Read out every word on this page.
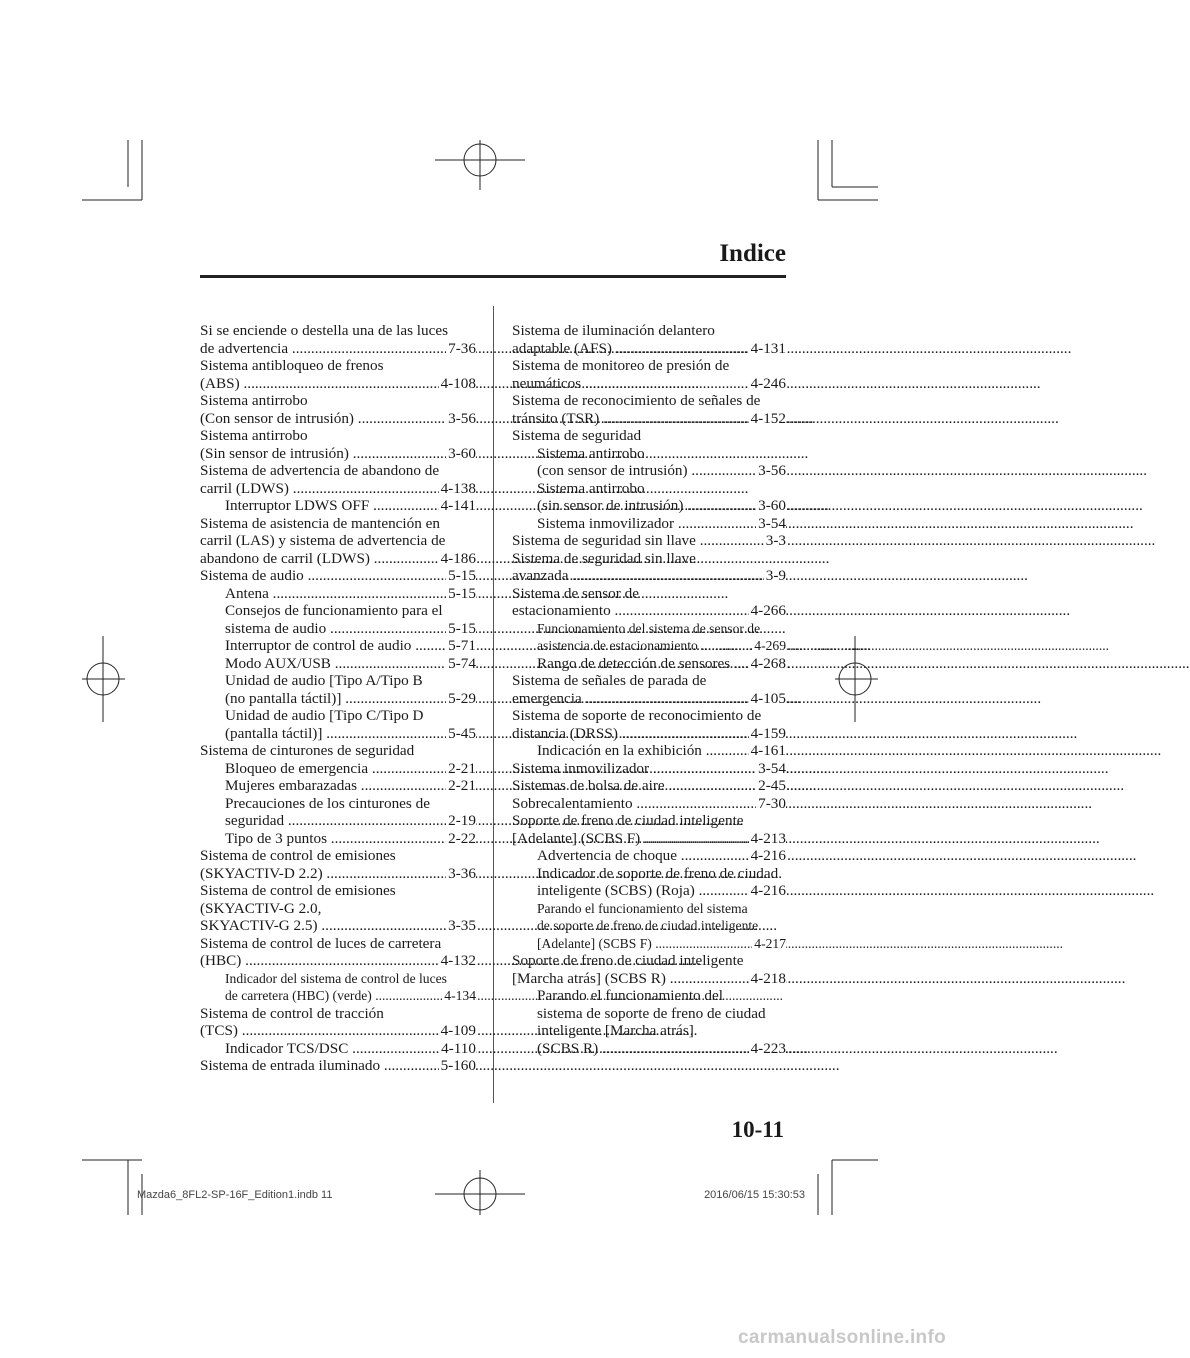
Indice
Si se enciende o destella una de las luces
de advertencia .....	7-36
Sistema antibloqueo de frenos
(ABS) .....	4-108
Sistema antirrobo
(Con sensor de intrusión) .....	3-56
Sistema antirrobo
(Sin sensor de intrusión) .....	3-60
Sistema de advertencia de abandono de
carril (LDWS) .....	4-138
Interruptor LDWS OFF .....	4-141
Sistema de asistencia de mantención en
carril (LAS) y sistema de advertencia de
abandono de carril (LDWS) .....	4-186
Sistema de audio .....	5-15
Antena .....	5-15
Consejos de funcionamiento para el
sistema de audio .....	5-15
Interruptor de control de audio .....	5-71
Modo AUX/USB .....	5-74
Unidad de audio [Tipo A/Tipo B
(no pantalla táctil)] .....	5-29
Unidad de audio [Tipo C/Tipo D
(pantalla táctil)] .....	5-45
Sistema de cinturones de seguridad
Bloqueo de emergencia .....	2-21
Mujeres embarazadas .....	2-21
Precauciones de los cinturones de
seguridad .....	2-19
Tipo de 3 puntos .....	2-22
Sistema de control de emisiones
(SKYACTIV-D 2.2) .....	3-36
Sistema de control de emisiones
(SKYACTIV-G 2.0,
SKYACTIV-G 2.5) .....	3-35
Sistema de control de luces de carretera
(HBC) .....	4-132
Indicador del sistema de control de luces
de carretera (HBC) (verde) .....	4-134
Sistema de control de tracción
(TCS) .....	4-109
Indicador TCS/DSC .....	4-110
Sistema de entrada iluminado .....	5-160
Sistema de iluminación delantero
adaptable (AFS) .....	4-131
Sistema de monitoreo de presión de
neumáticos .....	4-246
Sistema de reconocimiento de señales de
tránsito (TSR) .....	4-152
Sistema de seguridad
Sistema antirrobo
(con sensor de intrusión) .....	3-56
Sistema antirrobo
(sin sensor de intrusión) .....	3-60
Sistema inmovilizador .....	3-54
Sistema de seguridad sin llave .....	3-3
Sistema de seguridad sin llave
avanzada .....	3-9
Sistema de sensor de
estacionamiento .....	4-266
Funcionamiento del sistema de sensor de
asistencia de estacionamiento .....	4-269
Rango de detección de sensores .....	4-268
Sistema de señales de parada de
emergencia .....	4-105
Sistema de soporte de reconocimiento de
distancia (DRSS) .....	4-159
Indicación en la exhibición .....	4-161
Sistema inmovilizador .....	3-54
Sistemas de bolsa de aire .....	2-45
Sobrecalentamiento .....	7-30
Soporte de freno de ciudad inteligente
[Adelante] (SCBS F) .....	4-213
Advertencia de choque .....	4-216
Indicador de soporte de freno de ciudad
inteligente (SCBS) (Roja) .....	4-216
Parando el funcionamiento del sistema
de soporte de freno de ciudad inteligente
[Adelante] (SCBS F) .....	4-217
Soporte de freno de ciudad inteligente
[Marcha atrás] (SCBS R) .....	4-218
Parando el funcionamiento del
sistema de soporte de freno de ciudad
inteligente [Marcha atrás]
(SCBS R) .....	4-223
10-11
Mazda6_8FL2-SP-16F_Edition1.indb 11	2016/06/15 15:30:53
carmanualsonline.info
